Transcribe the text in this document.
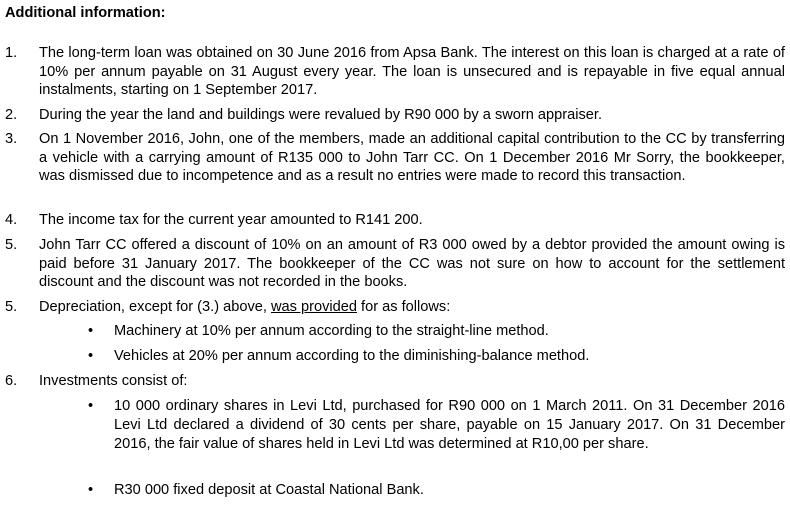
Additional information:
1. The long-term loan was obtained on 30 June 2016 from Apsa Bank. The interest on this loan is charged at a rate of 10% per annum payable on 31 August every year. The loan is unsecured and is repayable in five equal annual instalments, starting on 1 September 2017.
2. During the year the land and buildings were revalued by R90 000 by a sworn appraiser.
3. On 1 November 2016, John, one of the members, made an additional capital contribution to the CC by transferring a vehicle with a carrying amount of R135 000 to John Tarr CC. On 1 December 2016 Mr Sorry, the bookkeeper, was dismissed due to incompetence and as a result no entries were made to record this transaction.
4. The income tax for the current year amounted to R141 200.
5. John Tarr CC offered a discount of 10% on an amount of R3 000 owed by a debtor provided the amount owing is paid before 31 January 2017. The bookkeeper of the CC was not sure on how to account for the settlement discount and the discount was not recorded in the books.
5. Depreciation, except for (3.) above, was provided for as follows:
• Machinery at 10% per annum according to the straight-line method.
• Vehicles at 20% per annum according to the diminishing-balance method.
6. Investments consist of:
• 10 000 ordinary shares in Levi Ltd, purchased for R90 000 on 1 March 2011. On 31 December 2016 Levi Ltd declared a dividend of 30 cents per share, payable on 15 January 2017. On 31 December 2016, the fair value of shares held in Levi Ltd was determined at R10,00 per share.
• R30 000 fixed deposit at Coastal National Bank.
